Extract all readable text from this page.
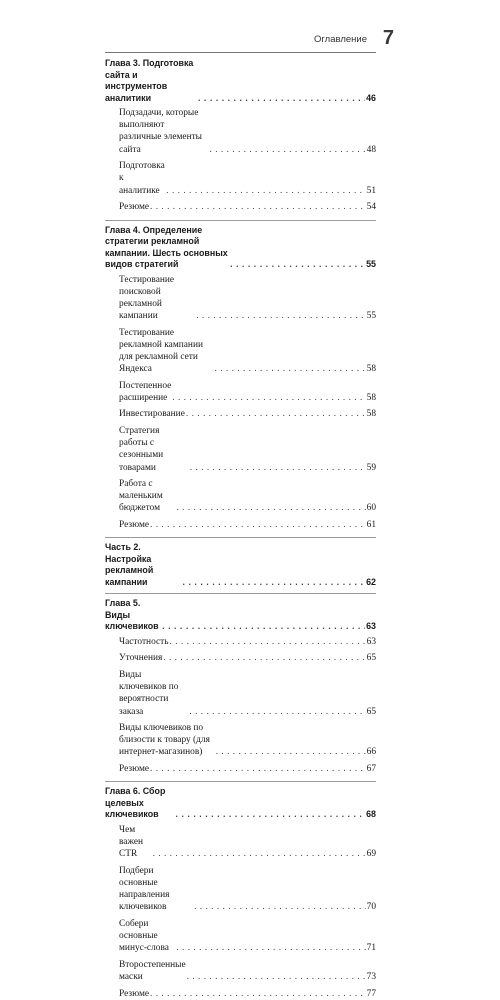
Оглавление 7
Глава 3. Подготовка сайта и инструментов аналитики . . .	46
Подзадачи, которые выполняют различные элементы сайта . . .	48
Подготовка к аналитике . . .	51
Резюме . . .	54
Глава 4. Определение стратегии рекламной кампании. Шесть основных видов стратегий . . .	55
Тестирование поисковой рекламной кампании . . .	55
Тестирование рекламной кампании для рекламной сети Яндекса . . .	58
Постепенное расширение . . .	58
Инвестирование . . .	58
Стратегия работы с сезонными товарами . . .	59
Работа с маленьким бюджетом . . .	60
Резюме . . .	61
Часть 2. Настройка рекламной кампании . . .	62
Глава 5. Виды ключевиков . . .	63
Частотность . . .	63
Уточнения . . .	65
Виды ключевиков по вероятности заказа . . .	65
Виды ключевиков по близости к товару (для интернет-магазинов) . . .	66
Резюме . . .	67
Глава 6. Сбор целевых ключевиков . . .	68
Чем важен CTR . . .	69
Подбери основные направления ключевиков . . .	70
Собери основные минус-слова . . .	71
Второстепенные маски . . .	73
Резюме . . .	77
